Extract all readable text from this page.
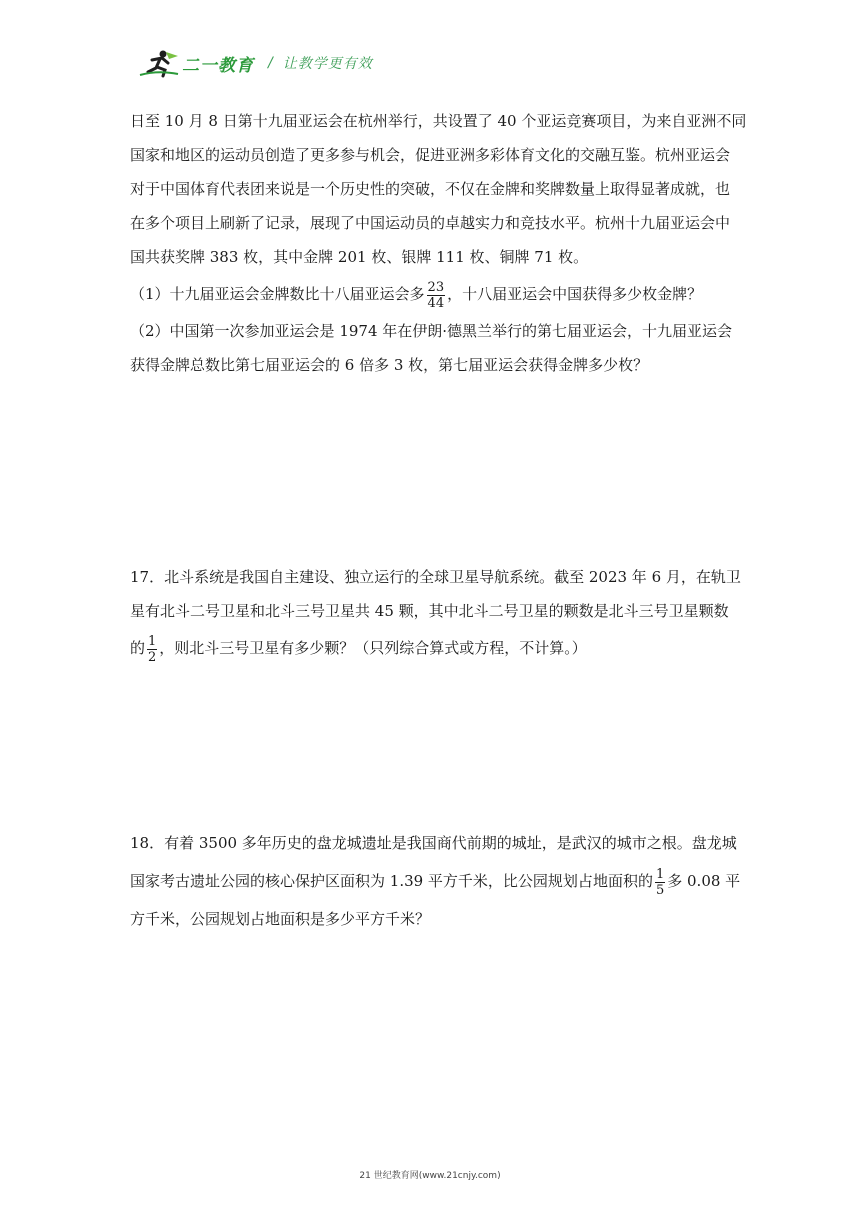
二一教育 / 让教学更有效
日至 10 月 8 日第十九届亚运会在杭州举行，共设置了 40 个亚运竞赛项目，为来自亚洲不同
国家和地区的运动员创造了更多参与机会，促进亚洲多彩体育文化的交融互鉴。杭州亚运会
对于中国体育代表团来说是一个历史性的突破，不仅在金牌和奖牌数量上取得显著成就，也
在多个项目上刷新了记录，展现了中国运动员的卓越实力和竞技水平。杭州十九届亚运会中
国共获奖牌 383 枚，其中金牌 201 枚、银牌 111 枚、铜牌 71 枚。
（1）十九届亚运会金牌数比十八届亚运会多 $\frac{23}{44}$ ，十八届亚运会中国获得多少枚金牌？
（2）中国第一次参加亚运会是 1974 年在伊朗·德黑兰举行的第七届亚运会，十九届亚运会
获得金牌总数比第七届亚运会的 6 倍多 3 枚，第七届亚运会获得金牌多少枚？
17．北斗系统是我国自主建设、独立运行的全球卫星导航系统。截至 2023 年 6 月，在轨卫
星有北斗二号卫星和北斗三号卫星共 45 颗，其中北斗二号卫星的颗数是北斗三号卫星颗数
的 $\frac{1}{2}$ ，则北斗三号卫星有多少颗？（只列综合算式或方程，不计算。）
18．有着 3500 多年历史的盘龙城遗址是我国商代前期的城址，是武汉的城市之根。盘龙城
国家考古遗址公园的核心保护区面积为 1.39 平方千米，比公园规划占地面积的 $\frac{1}{5}$ 多 0.08 平
方千米，公园规划占地面积是多少平方千米？
21 世纪教育网(www.21cnjy.com)
